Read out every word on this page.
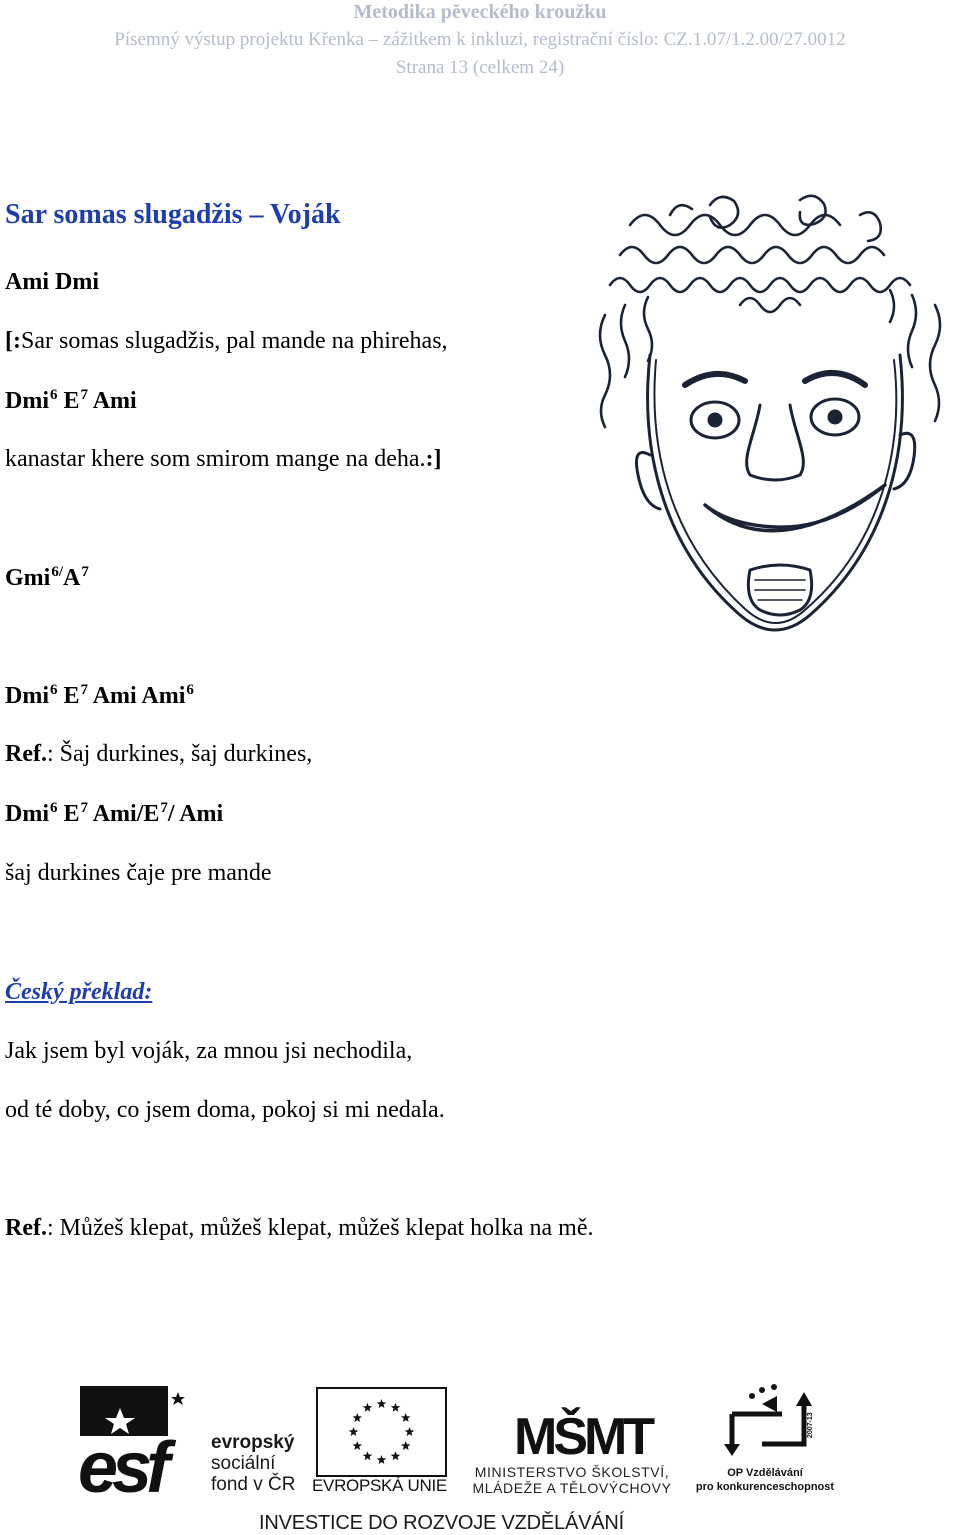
Metodika pěveckého kroužku
Písemný výstup projektu Křenka – zážitkem k inkluzi, registrační číslo: CZ.1.07/1.2.00/27.0012
Strana 13 (celkem 24)
Sar somas slugadžis – Voják
Ami Dmi
[:Sar somas slugadžis, pal mande na phirehas,
Dmi$^6$ $E^7$ Ami
kanastar khere som smirom mange na deha.:]
$Gmi^{6/}A^7$
Dmi$^6$ $E^7$ Ami Ami$^6$
Ref.: Šaj durkines, šaj durkines,
Dmi$^6$ $E^7$ Ami/$E^7/$ Ami
šaj durkines čaje pre mande
Český překlad:
Jak jsem byl voják, za mnou jsi nechodila,
od té doby, co jsem doma, pokoj si mi nedala.
Ref.: Můžeš klepat, můžeš klepat, můžeš klepat holka na mě.
esf	evropský
sociální
fond v ČR EVROPSKÁ UNIE
MŠMT
MINISTERSTVO ŠKOLSTVÍ,
MLÁDEŽE A TĚLOVÝCHOVY
2007-13
OP Vzdělávání
pro konkurenceschopnost
INVESTICE DO ROZVOJE VZDĚLÁVÁNÍ
